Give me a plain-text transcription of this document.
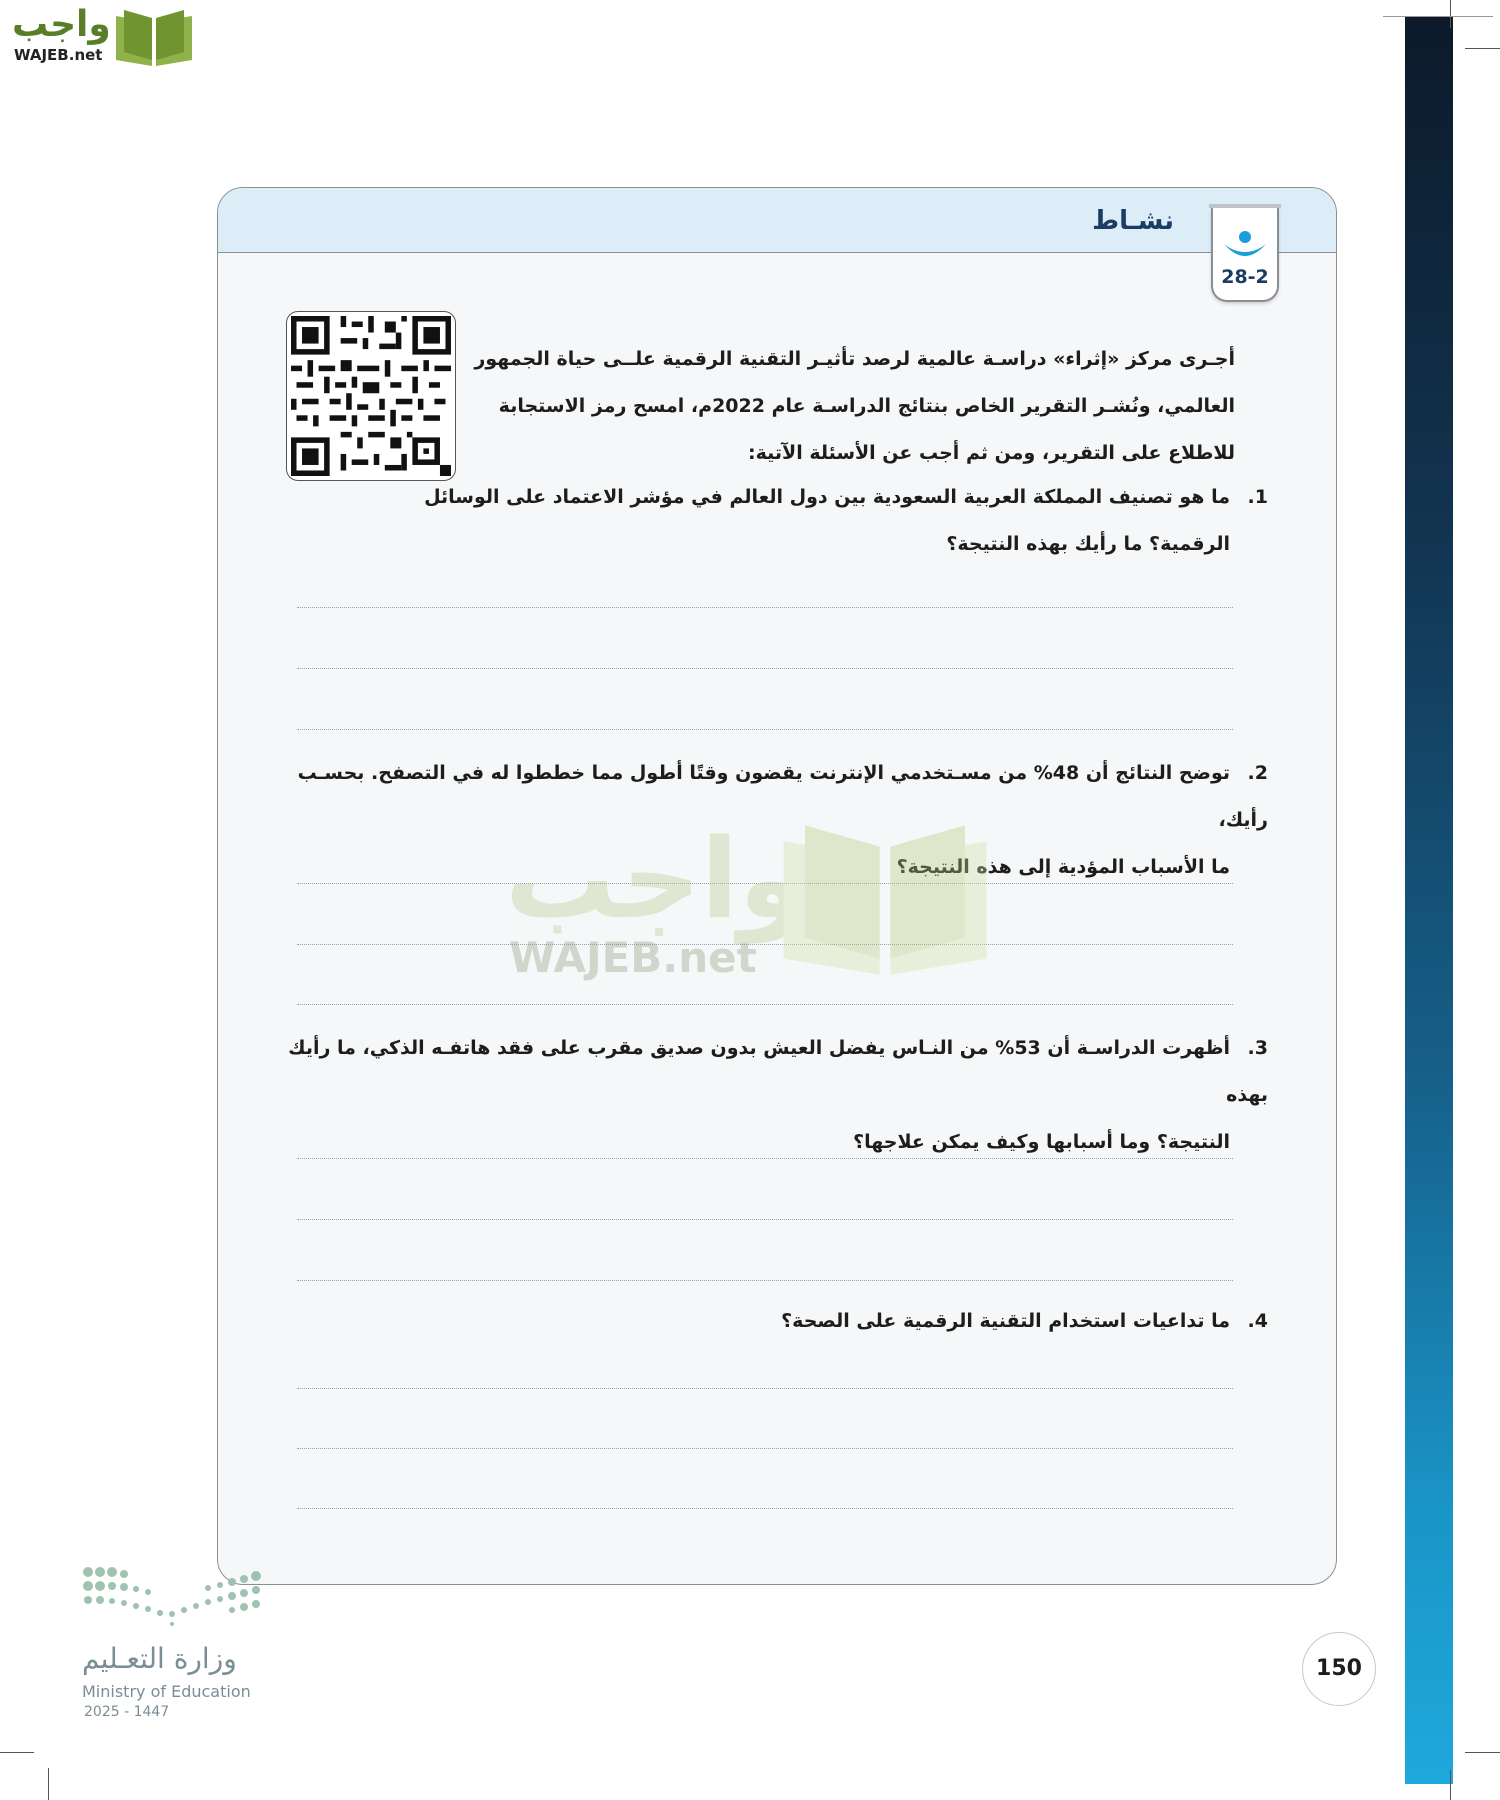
واجب
WAJEB.net
نشـاط
28-2
أجـرى مركز «إثراء» دراسـة عالمية لرصد تأثيـر التقنية الرقمية علــى حياة الجمهور العالمي، ونُشـر التقرير الخاص بنتائج الدراسـة عام 2022م، امسح رمز الاستجابة للاطلاع على التقرير، ومن ثم أجب عن الأسئلة الآتية:
1.ما هو تصنيف المملكة العربية السعودية بين دول العالم في مؤشر الاعتماد على الوسائل
الرقمية؟ ما رأيك بهذه النتيجة؟
2.توضح النتائج أن 48% من مسـتخدمي الإنترنت يقضون وقتًا أطول مما خططوا له في التصفح. بحسـب رأيك،
ما الأسباب المؤدية إلى هذه النتيجة؟
واجب
WAJEB.net
3.أظهرت الدراسـة أن 53% من النـاس يفضل العيش بدون صديق مقرب على فقد هاتفـه الذكي، ما رأيك بهذه
النتيجة؟ وما أسبابها وكيف يمكن علاجها؟
4.ما تداعيات استخدام التقنية الرقمية على الصحة؟
وزارة التعـليم
Ministry of Education
2025 - 1447
150
